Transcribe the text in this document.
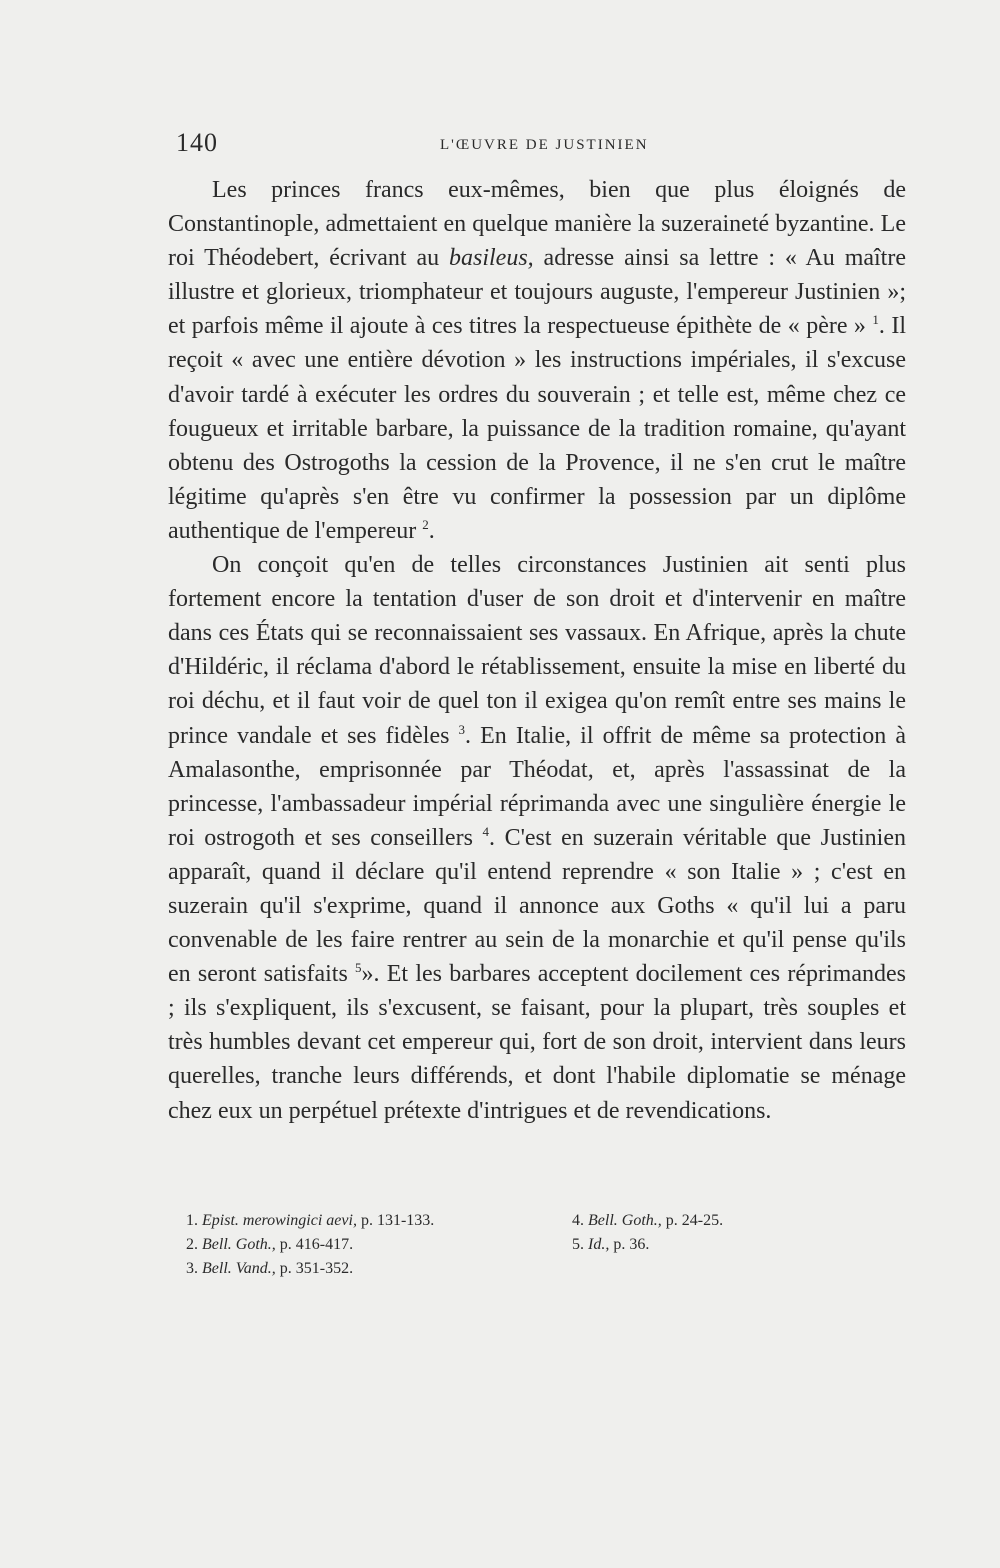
140	L'ŒUVRE DE JUSTINIEN

Les princes francs eux-mêmes, bien que plus éloignés de Constantinople, admettaient en quelque manière la suzeraineté byzantine. Le roi Théodebert, écrivant au basileus, adresse ainsi sa lettre : « Au maître illustre et glorieux, triomphateur et toujours auguste, l'empereur Justinien »; et parfois même il ajoute à ces titres la respectueuse épithète de « père » $^1$. Il reçoit « avec une entière dévotion » les instructions impériales, il s'excuse d'avoir tardé à exécuter les ordres du souverain ; et telle est, même chez ce fougueux et irritable barbare, la puissance de la tradition romaine, qu'ayant obtenu des Ostrogoths la cession de la Provence, il ne s'en crut le maître légitime qu'après s'en être vu confirmer la possession par un diplôme authentique de l'empereur $^2$.

On conçoit qu'en de telles circonstances Justinien ait senti plus fortement encore la tentation d'user de son droit et d'intervenir en maître dans ces États qui se reconnaissaient ses vassaux. En Afrique, après la chute d'Hildéric, il réclama d'abord le rétablissement, ensuite la mise en liberté du roi déchu, et il faut voir de quel ton il exigea qu'on remît entre ses mains le prince vandale et ses fidèles $^3$. En Italie, il offrit de même sa protection à Amalasonthe, emprisonnée par Théodat, et, après l'assassinat de la princesse, l'ambassadeur impérial réprimanda avec une singulière énergie le roi ostrogoth et ses conseillers $^4$. C'est en suzerain véritable que Justinien apparaît, quand il déclare qu'il entend reprendre « son Italie » ; c'est en suzerain qu'il s'exprime, quand il annonce aux Goths « qu'il lui a paru convenable de les faire rentrer au sein de la monarchie et qu'il pense qu'ils en seront satisfaits $^5$». Et les barbares acceptent docilement ces réprimandes ; ils s'expliquent, ils s'excusent, se faisant, pour la plupart, très souples et très humbles devant cet empereur qui, fort de son droit, intervient dans leurs querelles, tranche leurs différends, et dont l'habile diplomatie se ménage chez eux un perpétuel prétexte d'intrigues et de revendications.

1. Epist. merowingici aevi, p. 131-133.
2. Bell. Goth., p. 416-417.
3. Bell. Vand., p. 351-352.
4. Bell. Goth., p. 24-25.
5. Id., p. 36.
